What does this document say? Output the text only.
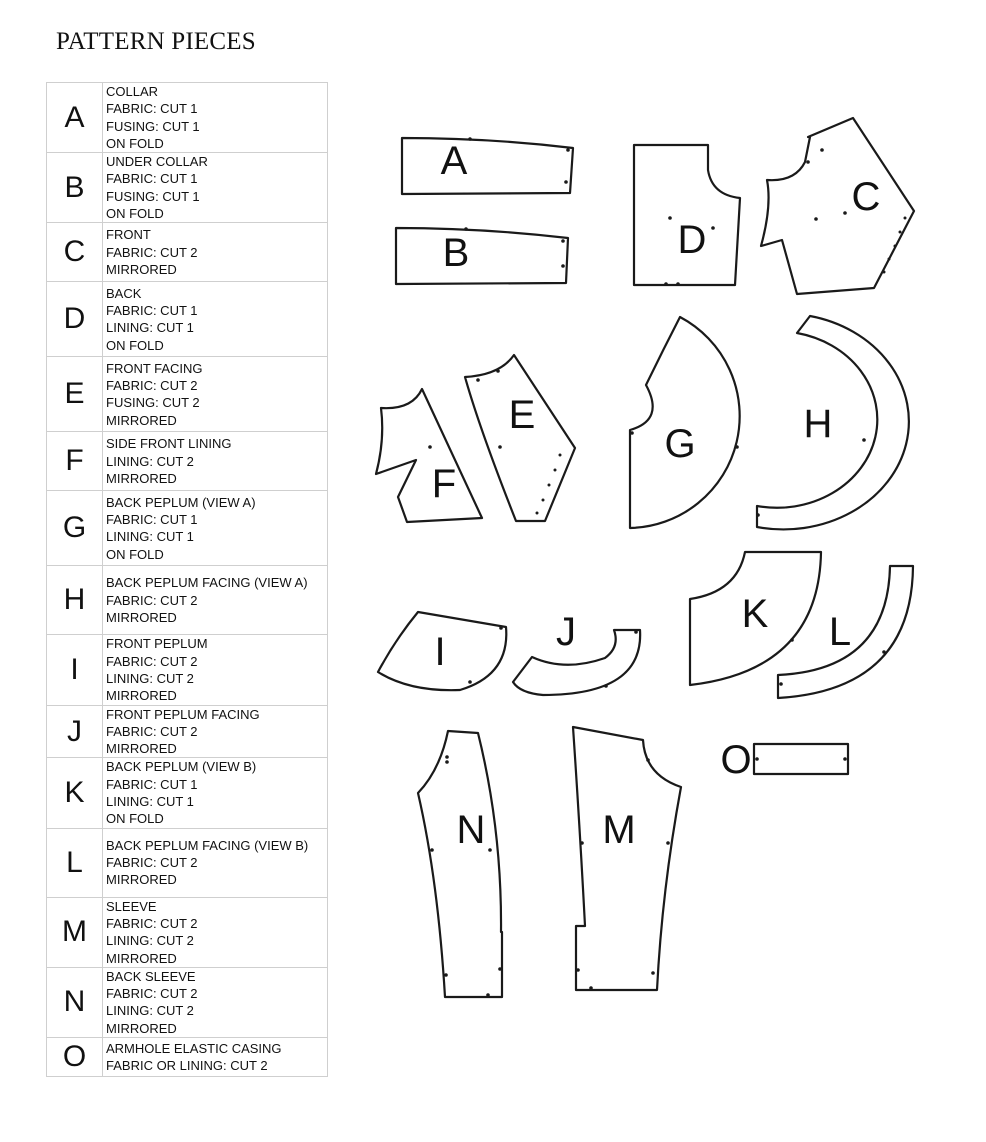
PATTERN PIECES
A	COLLAR
FABRIC: CUT 1
FUSING: CUT 1
ON FOLD

B	UNDER COLLAR
FABRIC: CUT 1
FUSING: CUT 1
ON FOLD

C	FRONT
FABRIC: CUT 2
MIRRORED

D	BACK
FABRIC: CUT 1
LINING: CUT 1
ON FOLD

E	FRONT FACING
FABRIC: CUT 2
FUSING: CUT 2
MIRRORED

F	SIDE FRONT LINING
LINING: CUT 2
MIRRORED

G	BACK PEPLUM (VIEW A)
FABRIC: CUT 1
LINING: CUT 1
ON FOLD

H	BACK PEPLUM FACING (VIEW A)
FABRIC: CUT 2
MIRRORED

I	FRONT PEPLUM
FABRIC: CUT 2
LINING: CUT 2
MIRRORED

J	FRONT PEPLUM FACING
FABRIC: CUT 2
MIRRORED

K	BACK PEPLUM (VIEW B)
FABRIC: CUT 1
LINING: CUT 1
ON FOLD

L	BACK PEPLUM FACING (VIEW B)
FABRIC: CUT 2
MIRRORED

M	SLEEVE
FABRIC: CUT 2
LINING: CUT 2
MIRRORED

N	BACK SLEEVE
FABRIC: CUT 2
LINING: CUT 2
MIRRORED

O	ARMHOLE ELASTIC CASING
FABRIC OR LINING: CUT 2
A
B	D
C
F
E
G	H
I	J	K L
N	M
O
